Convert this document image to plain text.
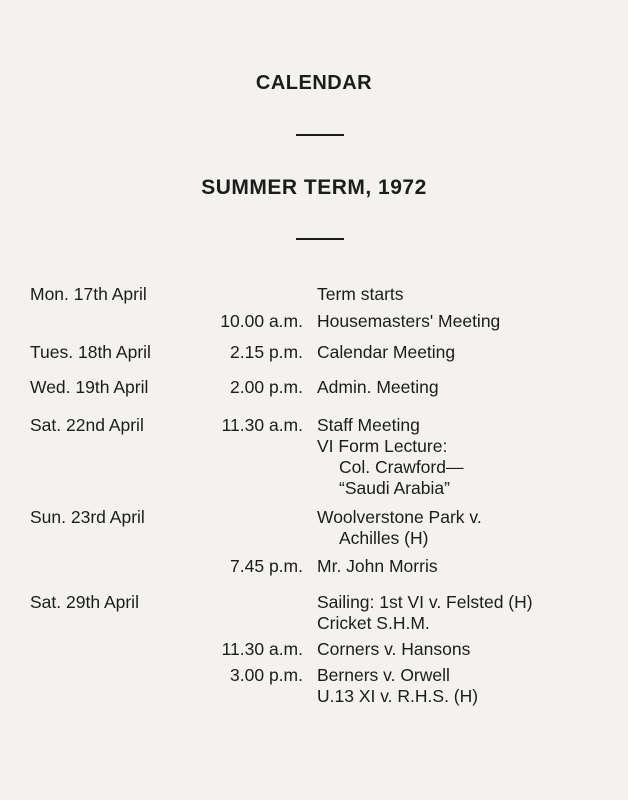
CALENDAR
SUMMER TERM, 1972
Mon. 17th April	Term starts
10.00 a.m. Housemasters' Meeting
Tues. 18th April	2.15 p.m. Calendar Meeting
Wed. 19th April	2.00 p.m. Admin. Meeting
Sat. 22nd April	11.30 a.m. Staff Meeting
VI Form Lecture:
Col. Crawford—
“Saudi Arabia”
Sun. 23rd April	Woolverstone Park v.
Achilles (H)
7.45 p.m. Mr. John Morris
Sat. 29th April	Sailing: 1st VI v. Felsted (H)
Cricket S.H.M.
11.30 a.m. Corners v. Hansons
3.00 p.m. Berners v. Orwell
U.13 XI v. R.H.S. (H)
